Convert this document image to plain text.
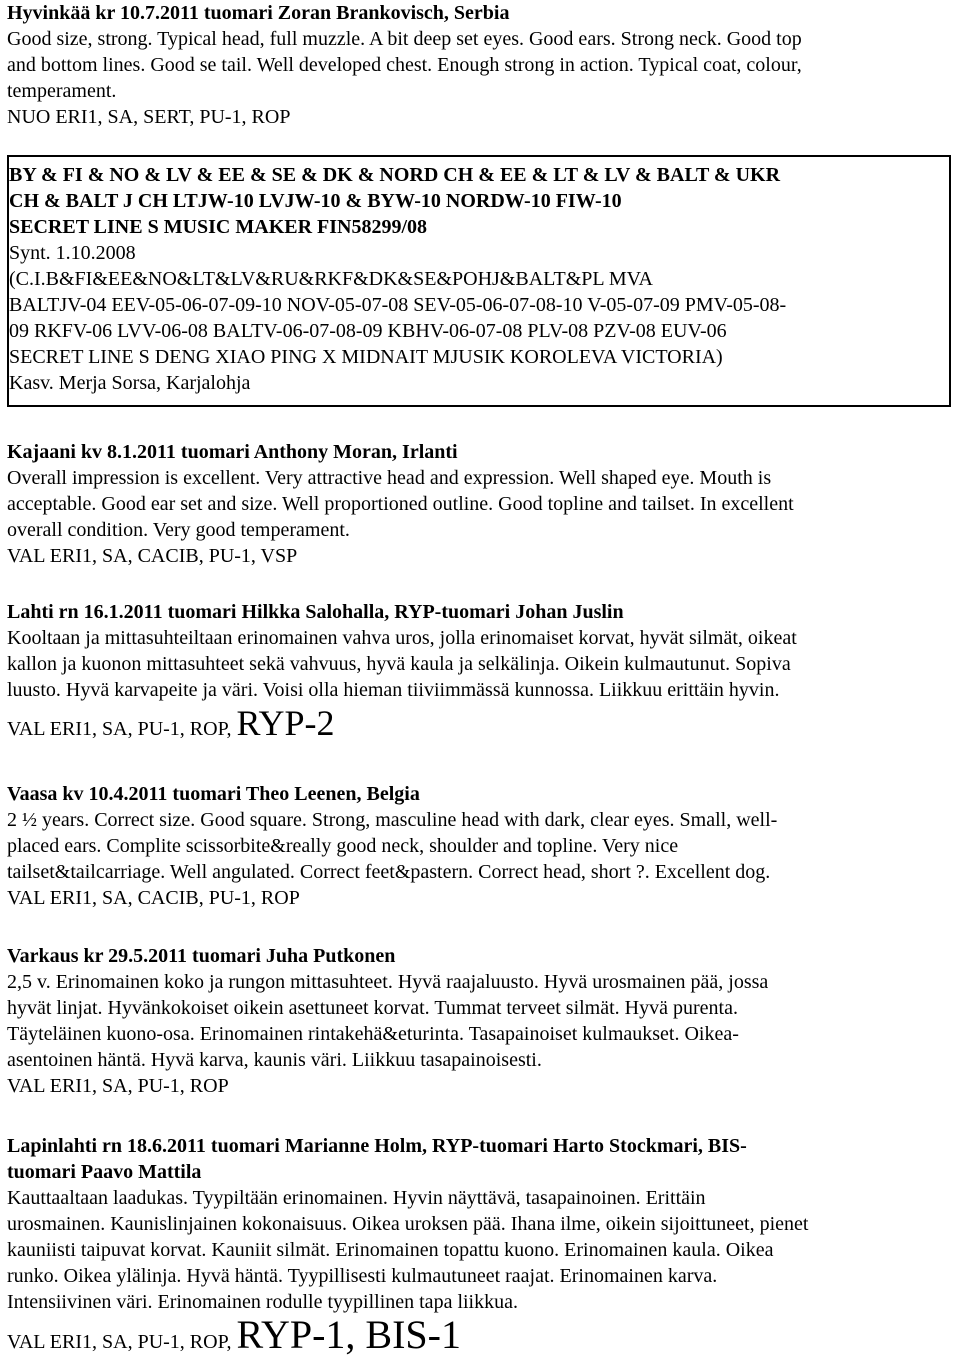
Hyvinkää kr 10.7.2011 tuomari Zoran Brankovisch, Serbia
Good size, strong. Typical head, full muzzle. A bit deep set eyes. Good ears. Strong neck. Good top
and bottom lines. Good se tail. Well developed chest. Enough strong in action. Typical coat, colour,
temperament.
NUO ERI1, SA, SERT, PU-1, ROP
BY & FI & NO & LV & EE & SE & DK & NORD CH & EE & LT & LV & BALT & UKR
CH & BALT J CH LTJW-10 LVJW-10 & BYW-10 NORDW-10 FIW-10
SECRET LINE S MUSIC MAKER FIN58299/08
Synt. 1.10.2008
(C.I.B&FI&EE&NO&LT&LV&RU&RKF&DK&SE&POHJ&BALT&PL MVA
BALTJV-04 EEV-05-06-07-09-10 NOV-05-07-08 SEV-05-06-07-08-10 V-05-07-09 PMV-05-08-
09 RKFV-06 LVV-06-08 BALTV-06-07-08-09 KBHV-06-07-08 PLV-08 PZV-08 EUV-06
SECRET LINE S DENG XIAO PING X MIDNAIT MJUSIK KOROLEVA VICTORIA)
Kasv. Merja Sorsa, Karjalohja
Kajaani kv 8.1.2011 tuomari Anthony Moran, Irlanti
Overall impression is excellent. Very attractive head and expression. Well shaped eye. Mouth is
acceptable. Good ear set and size. Well proportioned outline. Good topline and tailset. In excellent
overall condition. Very good temperament.
VAL ERI1, SA, CACIB, PU-1, VSP
Lahti rn 16.1.2011 tuomari Hilkka Salohalla, RYP-tuomari Johan Juslin
Kooltaan ja mittasuhteiltaan erinomainen vahva uros, jolla erinomaiset korvat, hyvät silmät, oikeat
kallon ja kuonon mittasuhteet sekä vahvuus, hyvä kaula ja selkälinja. Oikein kulmautunut. Sopiva
luusto. Hyvä karvapeite ja väri. Voisi olla hieman tiiviimmässä kunnossa. Liikkuu erittäin hyvin.
VAL ERI1, SA, PU-1, ROP, RYP-2
Vaasa kv 10.4.2011 tuomari Theo Leenen, Belgia
2 ½ years. Correct size. Good square. Strong, masculine head with dark, clear eyes. Small, well-
placed ears. Complite scissorbite&really good neck, shoulder and topline. Very nice
tailset&tailcarriage. Well angulated. Correct feet&pastern. Correct head, short ?. Excellent dog.
VAL ERI1, SA, CACIB, PU-1, ROP
Varkaus kr 29.5.2011 tuomari Juha Putkonen
2,5 v. Erinomainen koko ja rungon mittasuhteet. Hyvä raajaluusto. Hyvä urosmainen pää, jossa
hyvät linjat. Hyvänkokoiset oikein asettuneet korvat. Tummat terveet silmät. Hyvä purenta.
Täyteläinen kuono-osa. Erinomainen rintakehä&eturinta. Tasapainoiset kulmaukset. Oikea-
asentoinen häntä. Hyvä karva, kaunis väri. Liikkuu tasapainoisesti.
VAL ERI1, SA, PU-1, ROP
Lapinlahti rn 18.6.2011 tuomari Marianne Holm, RYP-tuomari Harto Stockmari, BIS-
tuomari Paavo Mattila
Kauttaaltaan laadukas. Tyypiltään erinomainen. Hyvin näyttävä, tasapainoinen. Erittäin
urosmainen. Kaunislinjainen kokonaisuus. Oikea uroksen pää. Ihana ilme, oikein sijoittuneet, pienet
kauniisti taipuvat korvat. Kauniit silmät. Erinomainen topattu kuono. Erinomainen kaula. Oikea
runko. Oikea ylälinja. Hyvä häntä. Tyypillisesti kulmautuneet raajat. Erinomainen karva.
Intensiivinen väri. Erinomainen rodulle tyypillinen tapa liikkua.
VAL ERI1, SA, PU-1, ROP, RYP-1, BIS-1
